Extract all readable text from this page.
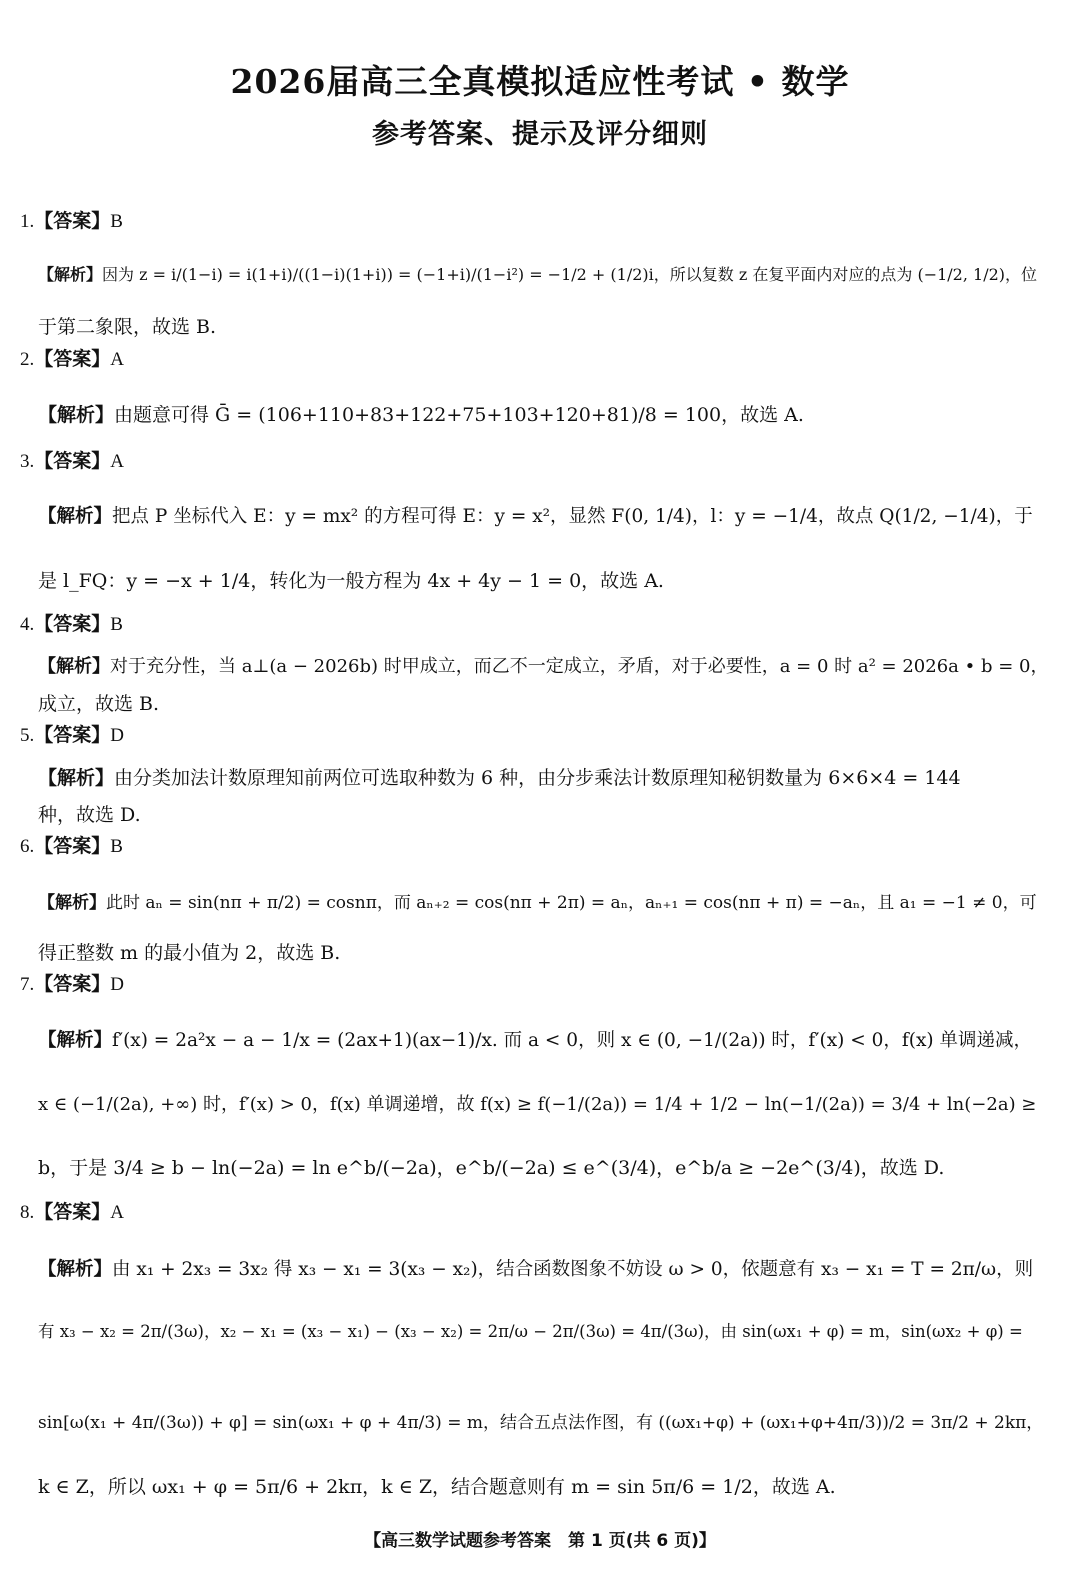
2026届高三全真模拟适应性考试 • 数学
参考答案、提示及评分细则
1.【答案】B
【解析】因为 z = i/(1−i) = i(1+i)/((1−i)(1+i)) = (−1+i)/(1−i²) = −1/2 + (1/2)i，所以复数 z 在复平面内对应的点为 (−1/2, 1/2)，位
于第二象限，故选 B.
2.【答案】A
【解析】由题意可得 Ḡ = (106+110+83+122+75+103+120+81)/8 = 100，故选 A.
3.【答案】A
【解析】把点 P 坐标代入 E：y = mx² 的方程可得 E：y = x²，显然 F(0, 1/4)，l：y = −1/4，故点 Q(1/2, −1/4)，于
是 l_FQ：y = −x + 1/4，转化为一般方程为 4x + 4y − 1 = 0，故选 A.
4.【答案】B
【解析】对于充分性，当 a⊥(a − 2026b) 时甲成立，而乙不一定成立，矛盾，对于必要性，a = 0 时 a² = 2026a • b = 0，
成立，故选 B.
5.【答案】D
【解析】由分类加法计数原理知前两位可选取种数为 6 种，由分步乘法计数原理知秘钥数量为 6×6×4 = 144
种，故选 D.
6.【答案】B
【解析】此时 aₙ = sin(nπ + π/2) = cosnπ，而 aₙ₊₂ = cos(nπ + 2π) = aₙ，aₙ₊₁ = cos(nπ + π) = −aₙ，且 a₁ = −1 ≠ 0，可
得正整数 m 的最小值为 2，故选 B.
7.【答案】D
【解析】f′(x) = 2a²x − a − 1/x = (2ax+1)(ax−1)/x. 而 a < 0，则 x ∈ (0, −1/(2a)) 时，f′(x) < 0，f(x) 单调递减，
x ∈ (−1/(2a), +∞) 时，f′(x) > 0，f(x) 单调递增，故 f(x) ≥ f(−1/(2a)) = 1/4 + 1/2 − ln(−1/(2a)) = 3/4 + ln(−2a) ≥
b，于是 3/4 ≥ b − ln(−2a) = ln e^b/(−2a)，e^b/(−2a) ≤ e^(3/4)，e^b/a ≥ −2e^(3/4)，故选 D.
8.【答案】A
【解析】由 x₁ + 2x₃ = 3x₂ 得 x₃ − x₁ = 3(x₃ − x₂)，结合函数图象不妨设 ω > 0，依题意有 x₃ − x₁ = T = 2π/ω，则
有 x₃ − x₂ = 2π/(3ω)，x₂ − x₁ = (x₃ − x₁) − (x₃ − x₂) = 2π/ω − 2π/(3ω) = 4π/(3ω)，由 sin(ωx₁ + φ) = m，sin(ωx₂ + φ) =
sin[ω(x₁ + 4π/(3ω)) + φ] = sin(ωx₁ + φ + 4π/3) = m，结合五点法作图，有 ((ωx₁+φ) + (ωx₁+φ+4π/3))/2 = 3π/2 + 2kπ，
k ∈ Z，所以 ωx₁ + φ = 5π/6 + 2kπ，k ∈ Z，结合题意则有 m = sin 5π/6 = 1/2，故选 A.
【高三数学试题参考答案　第 1 页(共 6 页)】
